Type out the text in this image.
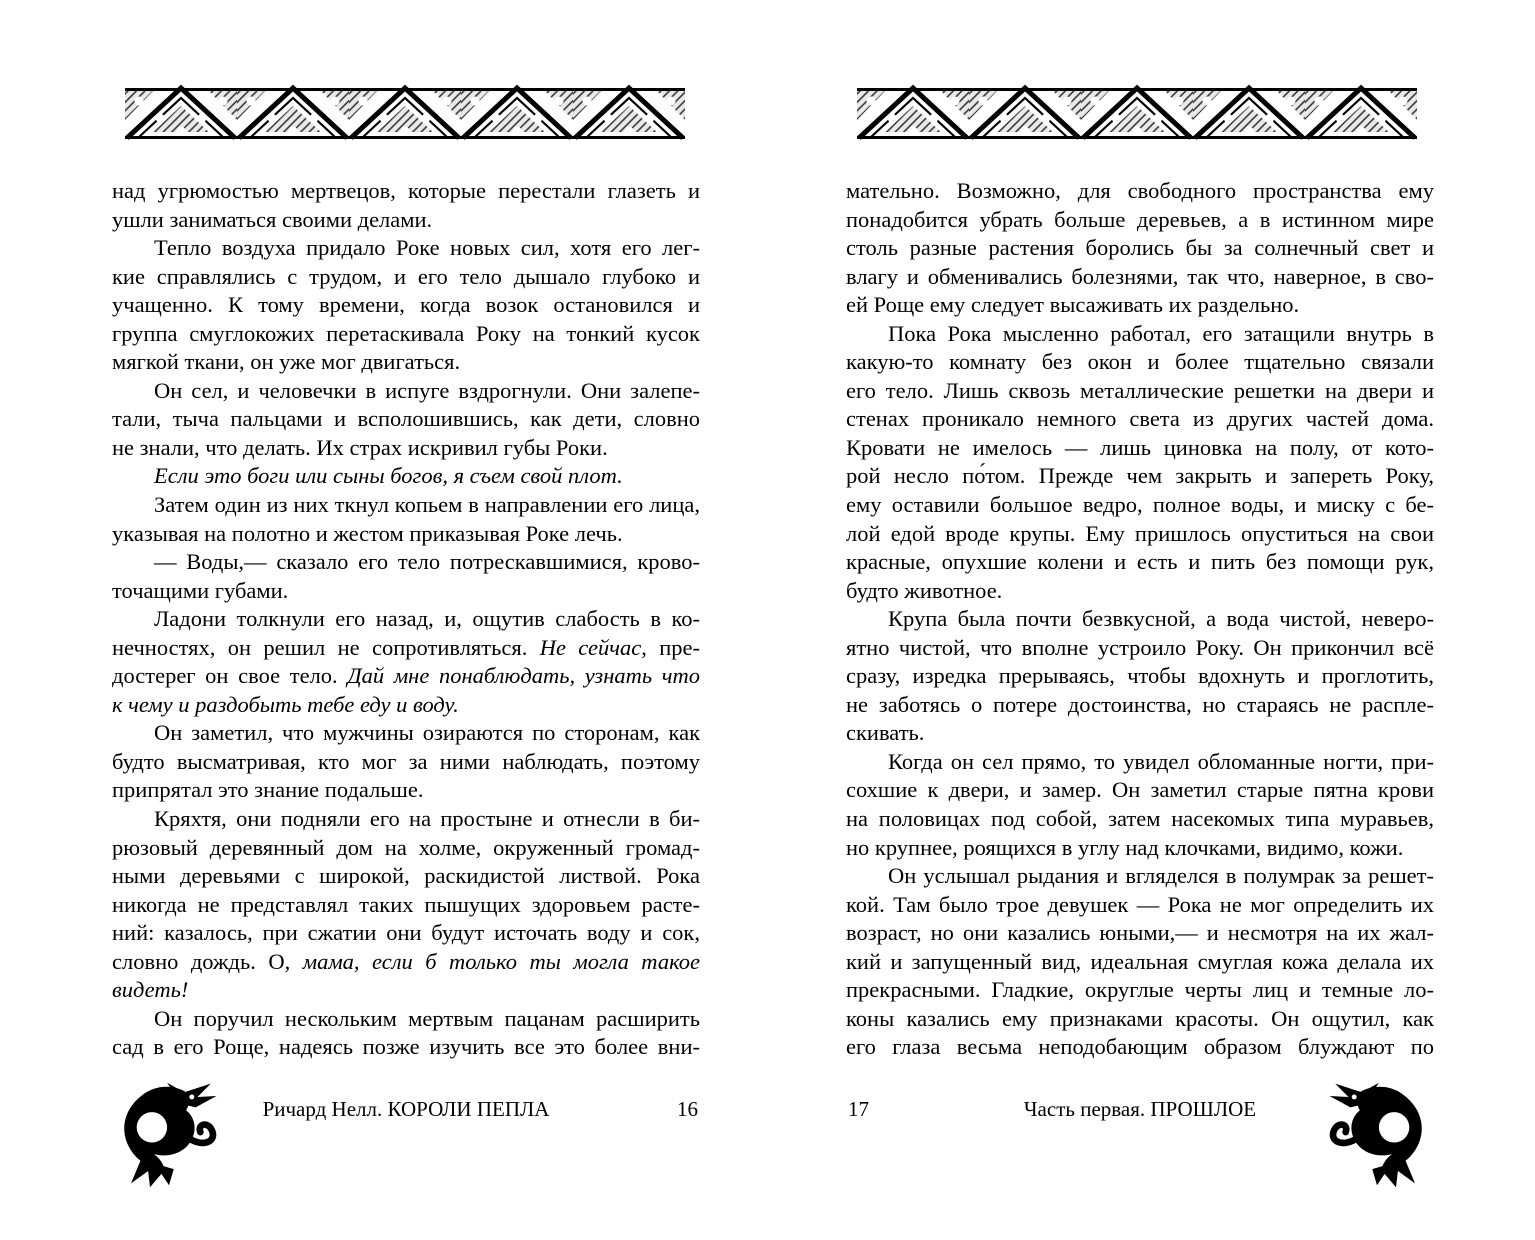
над угрюмостью мертвецов, которые перестали глазеть и
ушли заниматься своими делами.
Тепло воздуха придало Роке новых сил, хотя его лег-
кие справлялись с трудом, и его тело дышало глубоко и
учащенно. К тому времени, когда возок остановился и
группа смуглокожих перетаскивала Року на тонкий кусок
мягкой ткани, он уже мог двигаться.
Он сел, и человечки в испуге вздрогнули. Они залепе-
тали, тыча пальцами и всполошившись, как дети, словно
не знали, что делать. Их страх искривил губы Роки.
Если это боги или сыны богов, я съем свой плот.
Затем один из них ткнул копьем в направлении его лица,
указывая на полотно и жестом приказывая Роке лечь.
— Воды,— сказало его тело потрескавшимися, крово-
точащими губами.
Ладони толкнули его назад, и, ощутив слабость в ко-
нечностях, он решил не сопротивляться. Не сейчас, пре-
достерег он свое тело. Дай мне понаблюдать, узнать что
к чему и раздобыть тебе еду и воду.
Он заметил, что мужчины озираются по сторонам, как
будто высматривая, кто мог за ними наблюдать, поэтому
припрятал это знание подальше.
Кряхтя, они подняли его на простыне и отнесли в би-
рюзовый деревянный дом на холме, окруженный громад-
ными деревьями с широкой, раскидистой листвой. Рока
никогда не представлял таких пышущих здоровьем расте-
ний: казалось, при сжатии они будут источать воду и сок,
словно дождь. О, мама, если б только ты могла такое
видеть!
Он поручил нескольким мертвым пацанам расширить
сад в его Роще, надеясь позже изучить все это более вни-
Ричард Нелл. КОРОЛИ ПЕПЛА	16
мательно. Возможно, для свободного пространства ему
понадобится убрать больше деревьев, а в истинном мире
столь разные растения боролись бы за солнечный свет и
влагу и обменивались болезнями, так что, наверное, в сво-
ей Роще ему следует высаживать их раздельно.
Пока Рока мысленно работал, его затащили внутрь в
какую-то комнату без окон и более тщательно связали
его тело. Лишь сквозь металлические решетки на двери и
стенах проникало немного света из других частей дома.
Кровати не имелось — лишь циновка на полу, от кото-
рой несло по́том. Прежде чем закрыть и запереть Року,
ему оставили большое ведро, полное воды, и миску с бе-
лой едой вроде крупы. Ему пришлось опуститься на свои
красные, опухшие колени и есть и пить без помощи рук,
будто животное.
Крупа была почти безвкусной, а вода чистой, неверо-
ятно чистой, что вполне устроило Року. Он прикончил всё
сразу, изредка прерываясь, чтобы вдохнуть и проглотить,
не заботясь о потере достоинства, но стараясь не распле-
скивать.
Когда он сел прямо, то увидел обломанные ногти, при-
сохшие к двери, и замер. Он заметил старые пятна крови
на половицах под собой, затем насекомых типа муравьев,
но крупнее, роящихся в углу над клочками, видимо, кожи.
Он услышал рыдания и вгляделся в полумрак за решет-
кой. Там было трое девушек — Рока не мог определить их
возраст, но они казались юными,— и несмотря на их жал-
кий и запущенный вид, идеальная смуглая кожа делала их
прекрасными. Гладкие, округлые черты лиц и темные ло-
коны казались ему признаками красоты. Он ощутил, как
его глаза весьма неподобающим образом блуждают по
17	Часть первая. ПРОШЛОЕ
